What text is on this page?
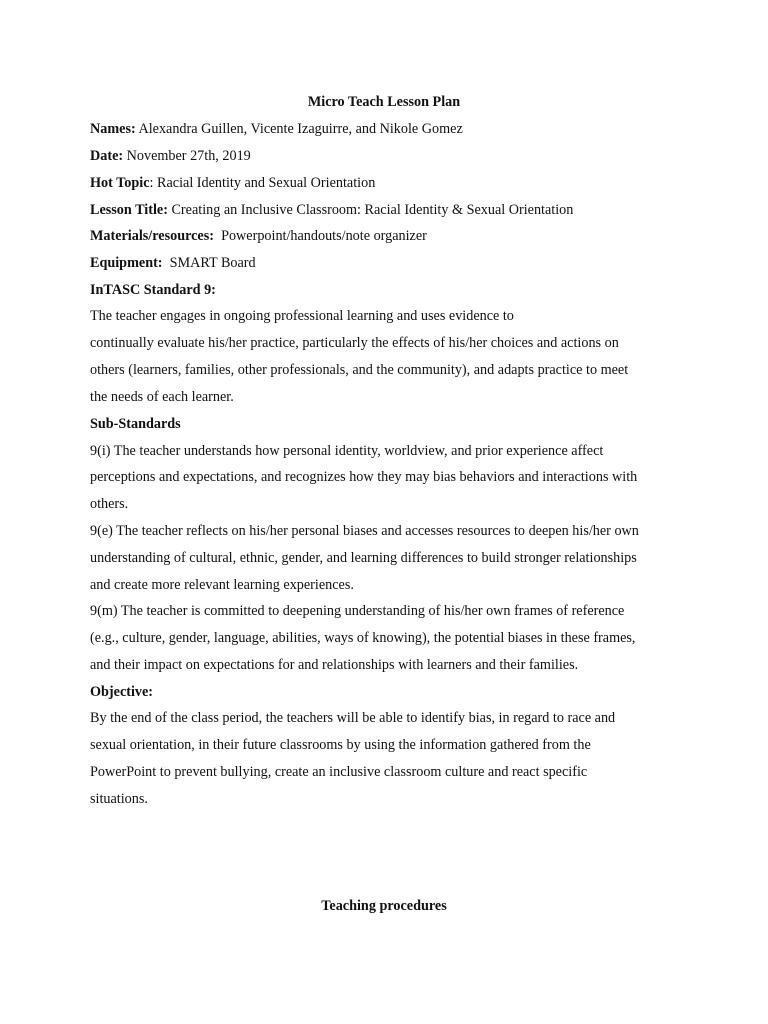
Micro Teach Lesson Plan
Names: Alexandra Guillen, Vicente Izaguirre, and Nikole Gomez
Date: November 27th, 2019
Hot Topic: Racial Identity and Sexual Orientation
Lesson Title: Creating an Inclusive Classroom: Racial Identity & Sexual Orientation
Materials/resources:  Powerpoint/handouts/note organizer
Equipment:  SMART Board
InTASC Standard 9:
The teacher engages in ongoing professional learning and uses evidence to
continually evaluate his/her practice, particularly the effects of his/her choices and actions on
others (learners, families, other professionals, and the community), and adapts practice to meet
the needs of each learner.
Sub-Standards
9(i) The teacher understands how personal identity, worldview, and prior experience affect
perceptions and expectations, and recognizes how they may bias behaviors and interactions with
others.
9(e) The teacher reflects on his/her personal biases and accesses resources to deepen his/her own
understanding of cultural, ethnic, gender, and learning differences to build stronger relationships
and create more relevant learning experiences.
9(m) The teacher is committed to deepening understanding of his/her own frames of reference
(e.g., culture, gender, language, abilities, ways of knowing), the potential biases in these frames,
and their impact on expectations for and relationships with learners and their families.
Objective:
By the end of the class period, the teachers will be able to identify bias, in regard to race and
sexual orientation, in their future classrooms by using the information gathered from the
PowerPoint to prevent bullying, create an inclusive classroom culture and react specific
situations.
Teaching procedures
